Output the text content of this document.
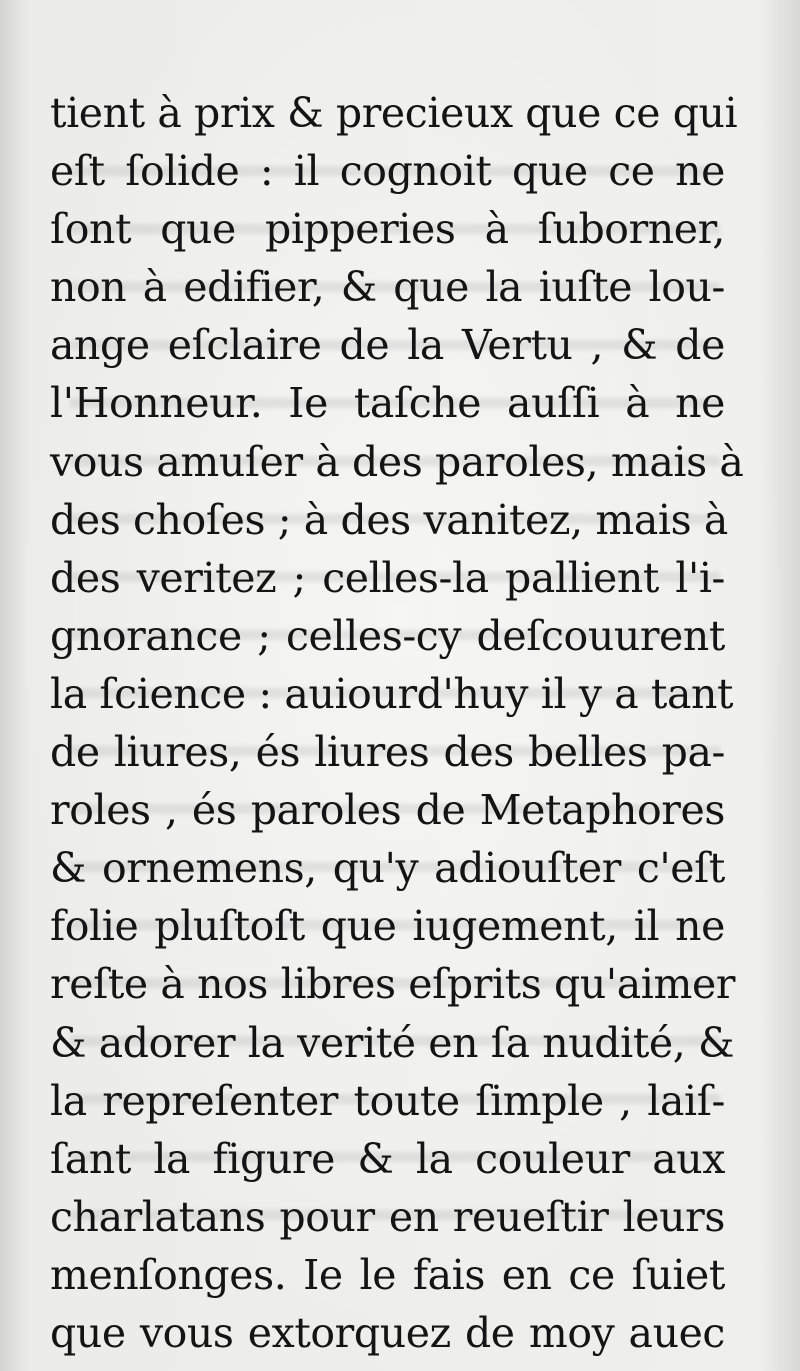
tient à prix & precieux que ce qui
eſt ſolide : il cognoit que ce ne
ſont que pipperies à ſuborner,
non à edifier, & que la iuſte lou-
ange eſclaire de la Vertu , & de
l'Honneur. Ie taſche auſſi à ne
vous amuſer à des paroles, mais à
des choſes ; à des vanitez, mais à
des veritez ; celles-la pallient l'i-
gnorance ; celles-cy deſcouurent
la ſcience : auiourd'huy il y a tant
de liures, és liures des belles pa-
roles , és paroles de Metaphores
& ornemens, qu'y adiouſter c'eſt
folie pluſtoſt que iugement, il ne
reſte à nos libres eſprits qu'aimer
& adorer la verité en ſa nudité, &
la repreſenter toute ſimple , laiſ-
ſant la figure & la couleur aux
charlatans pour en reueſtir leurs
menſonges. Ie le fais en ce ſuiet
que vous extorquez de moy auec
